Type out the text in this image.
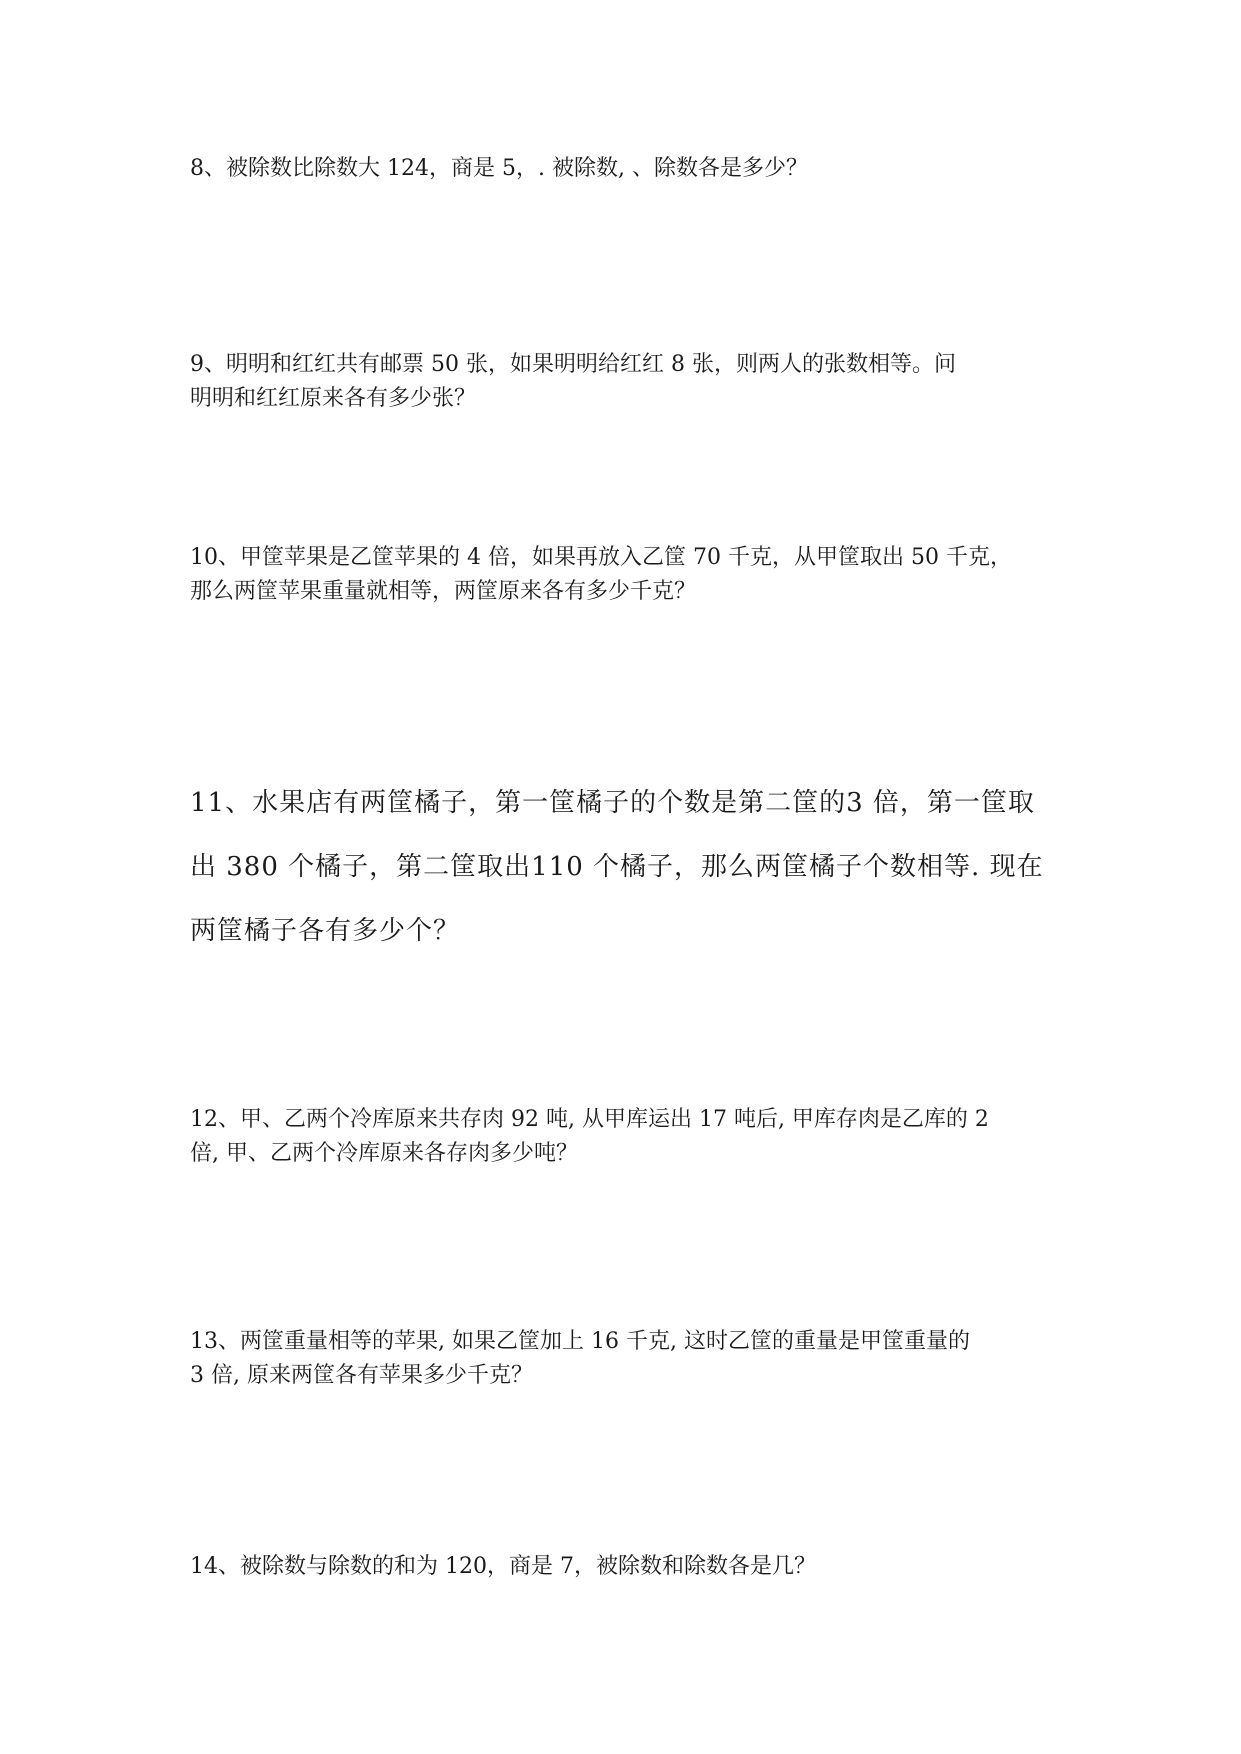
8、被除数比除数大 124，商是 5，. 被除数, 、除数各是多少？

9、明明和红红共有邮票 50 张，如果明明给红红 8 张，则两人的张数相等。问

明明和红红原来各有多少张？

10、甲筐苹果是乙筐苹果的 4 倍，如果再放入乙筐 70 千克，从甲筐取出 50 千克，

那么两筐苹果重量就相等，两筐原来各有多少千克？

11、水果店有两筐橘子，第一筐橘子的个数是第二筐的3 倍，第一筐取

出 380 个橘子，第二筐取出110 个橘子，那么两筐橘子个数相等. 现在

两筐橘子各有多少个？

12、甲、乙两个冷库原来共存肉 92 吨, 从甲库运出 17 吨后, 甲库存肉是乙库的 2

倍, 甲、乙两个冷库原来各存肉多少吨？

13、两筐重量相等的苹果, 如果乙筐加上 16 千克, 这时乙筐的重量是甲筐重量的

3 倍, 原来两筐各有苹果多少千克？

14、被除数与除数的和为 120，商是 7，被除数和除数各是几？
